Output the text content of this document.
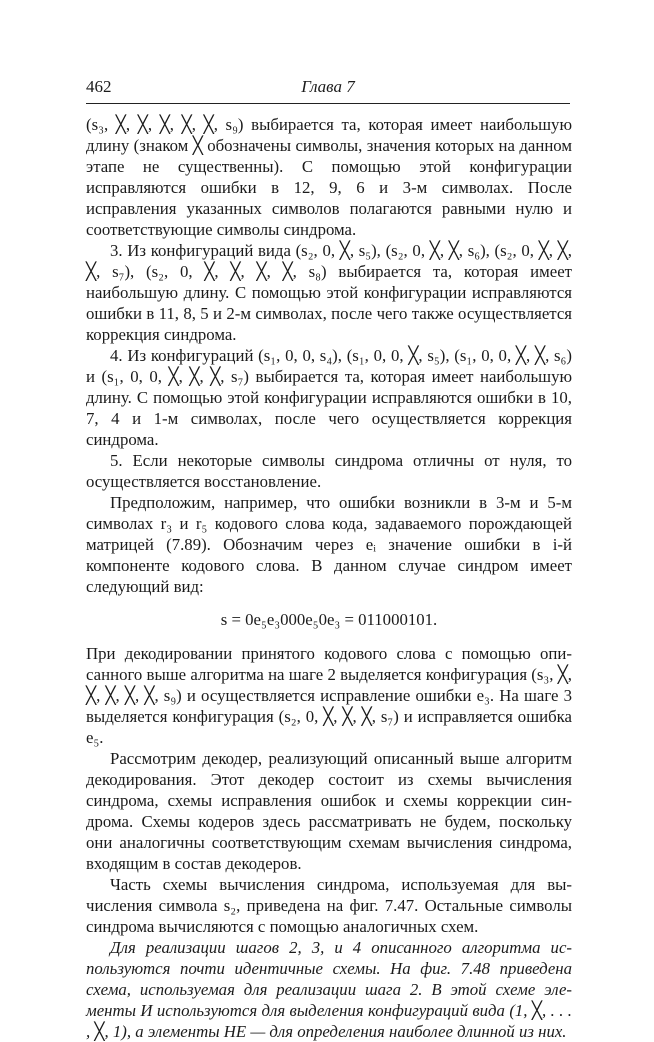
462	Глава 7

(s₃, ╳, ╳, ╳, ╳, ╳, s₉) выбирается та, которая имеет наибольшую длину (знаком ╳ обозначены символы, значения которых на данном этапе не существенны). С помощью этой конфигурации исправляются ошибки в 12, 9, 6 и 3-м символах. После исправления указанных символов полагаются равными нулю и соответствующие символы синдрома.

3. Из конфигураций вида (s₂, 0, ╳, s₅), (s₂, 0, ╳, ╳, s₆), (s₂, 0, ╳, ╳, ╳, s₇), (s₂, 0, ╳, ╳, ╳, ╳, s₈) выбирается та, которая имеет наибольшую длину. С помощью этой конфигурации исправляются ошибки в 11, 8, 5 и 2-м символах, после чего также осуществляется коррекция синдрома.

4. Из конфигураций (s₁, 0, 0, s₄), (s₁, 0, 0, ╳, s₅), (s₁, 0, 0, ╳, ╳, s₆) и (s₁, 0, 0, ╳, ╳, ╳, s₇) выбирается та, которая имеет наибольшую длину. С помощью этой конфигурации исправляются ошибки в 10, 7, 4 и 1-м символах, после чего осуществляется коррекция синдрома.

5. Если некоторые символы синдрома отличны от нуля, то осуществляется восстановление.

Предположим, например, что ошибки возникли в 3-м и 5-м символах r₃ и r₅ кодового слова кода, задаваемого порождающей матрицей (7.89). Обозначим через eᵢ значение ошибки в i-й компоненте кодового слова. В данном случае синдром имеет следующий вид:

s = 0e₅e₃000e₅0e₃ = 011000101.

При декодировании принятого кодового слова с помощью описанного выше алгоритма на шаге 2 выделяется конфигурация (s₃, ╳, ╳, ╳, ╳, ╳, s₉) и осуществляется исправление ошибки e₃. На шаге 3 выделяется конфигурация (s₂, 0, ╳, ╳, ╳, s₇) и исправляется ошибка e₅.

Рассмотрим декодер, реализующий описанный выше алгоритм декодирования. Этот декодер состоит из схемы вычисления синдрома, схемы исправления ошибок и схемы коррекции синдрома. Схемы кодеров здесь рассматривать не будем, поскольку они аналогичны соответствующим схемам вычисления синдрома, входящим в состав декодеров.

Часть схемы вычисления синдрома, используемая для вычисления символа s₂, приведена на фиг. 7.47. Остальные символы синдрома вычисляются с помощью аналогичных схем.

Для реализации шагов 2, 3, и 4 описанного алгоритма используются почти идентичные схемы. На фиг. 7.48 приведена схема, используемая для реализации шага 2. В этой схеме элементы И используются для выделения конфигураций вида (1, ╳, . . . , ╳, 1), а элементы НЕ — для определения наиболее длинной из них.
